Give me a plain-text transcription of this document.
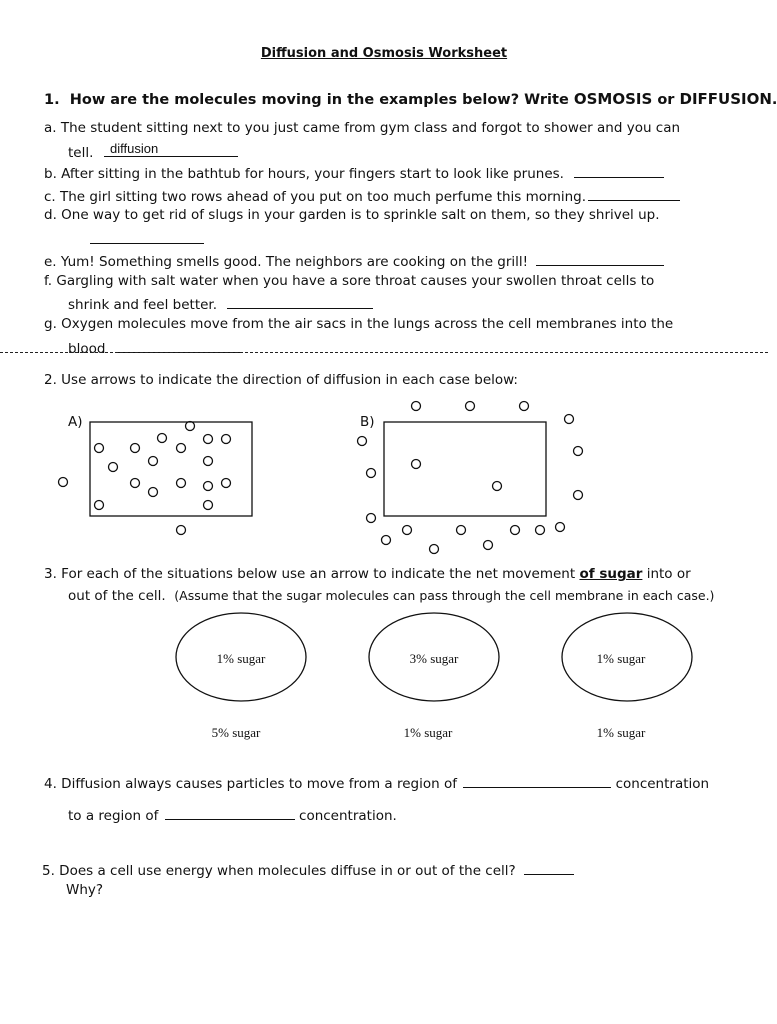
Diffusion and Osmosis Worksheet
1. How are the molecules moving in the examples below? Write OSMOSIS or DIFFUSION.
a. The student sitting next to you just came from gym class and forgot to shower and you can
tell.	diffusion
b. After sitting in the bathtub for hours, your fingers start to look like prunes.
c. The girl sitting two rows ahead of you put on too much perfume this morning.
d. One way to get rid of slugs in your garden is to sprinkle salt on them, so they shrivel up.
e. Yum! Something smells good. The neighbors are cooking on the grill!
f. Gargling with salt water when you have a sore throat causes your swollen throat cells to
shrink and feel better.
g. Oxygen molecules move from the air sacs in the lungs across the cell membranes into the
blood
2. Use arrows to indicate the direction of diffusion in each case below:
A)	B)
3. For each of the situations below use an arrow to indicate the net movement of sugar into or
out of the cell. (Assume that the sugar molecules can pass through the cell membrane in each case.)
1% sugar	3% sugar	1% sugar
5% sugar	1% sugar	1% sugar
4. Diffusion always causes particles to move from a region of	concentration
to a region of	concentration.
5. Does a cell use energy when molecules diffuse in or out of the cell?
Why?
